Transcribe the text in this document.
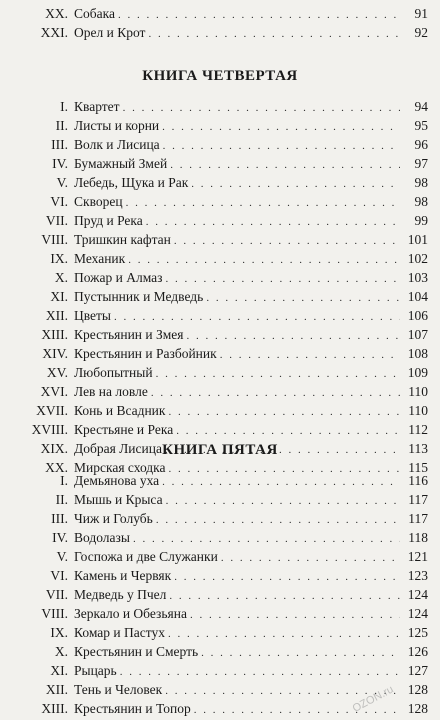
XX. Собака . . .	91
XXI. Орел и Крот . . .	92
КНИГА ЧЕТВЕРТАЯ
I. Квартет . . .	94
II. Листы и корни . . .	95
III. Волк и Лисица . . .	96
IV. Бумажный Змей . . .	97
V. Лебедь, Щука и Рак . . .	98
VI. Скворец . . .	98
VII. Пруд и Река . . .	99
VIII. Тришкин кафтан . . .	101
IX. Механик . . .	102
X. Пожар и Алмаз . . .	103
XI. Пустынник и Медведь . . .	104
XII. Цветы . . .	106
XIII. Крестьянин и Змея . . .	107
XIV. Крестьянин и Разбойник . . .	108
XV. Любопытный . . .	109
XVI. Лев на ловле . . .	110
XVII. Конь и Всадник . . .	110
XVIII. Крестьяне и Река . . .	112
XIX. Добрая Лисица . . .	113
XX. Мирская сходка . . .	115
КНИГА ПЯТАЯ
I. Демьянова уха . . .	116
II. Мышь и Крыса . . .	117
III. Чиж и Голубь . . .	117
IV. Водолазы . . .	118
V. Госпожа и две Служанки . . .	121
VI. Камень и Червяк . . .	123
VII. Медведь у Пчел . . .	124
VIII. Зеркало и Обезьяна . . .	124
IX. Комар и Пастух . . .	125
X. Крестьянин и Смерть . . .	126
XI. Рыцарь . . .	127
XII. Тень и Человек . . .	128
XIII. Крестьянин и Топор . . .	128
OZON.ru
